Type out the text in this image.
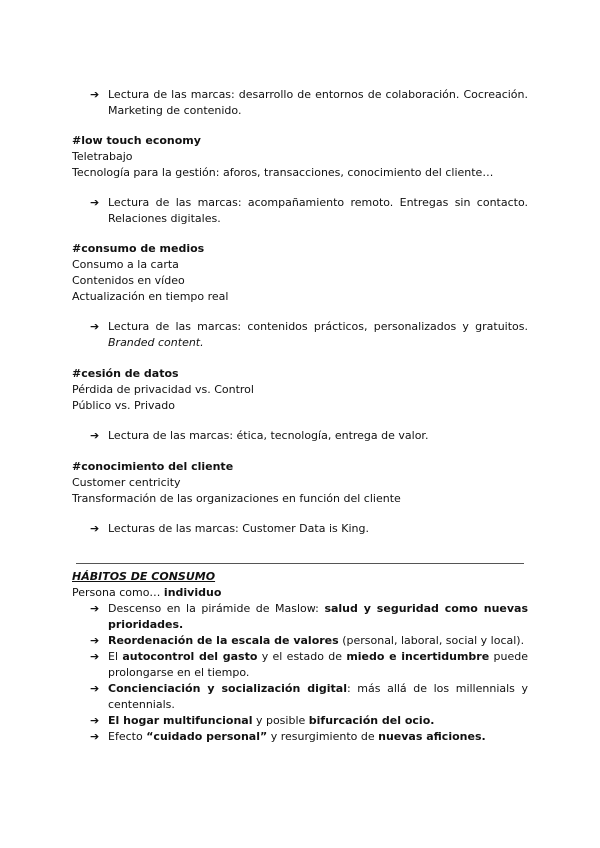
➔ Lectura de las marcas: desarrollo de entornos de colaboración. Cocreación. Marketing de contenido.
#low touch economy
Teletrabajo
Tecnología para la gestión: aforos, transacciones, conocimiento del cliente…
➔ Lectura de las marcas: acompañamiento remoto. Entregas sin contacto. Relaciones digitales.
#consumo de medios
Consumo a la carta
Contenidos en vídeo
Actualización en tiempo real
➔ Lectura de las marcas: contenidos prácticos, personalizados y gratuitos. Branded content.
#cesión de datos
Pérdida de privacidad vs. Control
Público vs. Privado
➔ Lectura de las marcas: ética, tecnología, entrega de valor.
#conocimiento del cliente
Customer centricity
Transformación de las organizaciones en función del cliente
➔ Lecturas de las marcas: Customer Data is King.
HÁBITOS DE CONSUMO
Persona como… individuo
➔ Descenso en la pirámide de Maslow: salud y seguridad como nuevas prioridades.
➔ Reordenación de la escala de valores (personal, laboral, social y local).
➔ El autocontrol del gasto y el estado de miedo e incertidumbre puede prolongarse en el tiempo.
➔ Concienciación y socialización digital: más allá de los millennials y centennials.
➔ El hogar multifuncional y posible bifurcación del ocio.
➔ Efecto “cuidado personal” y resurgimiento de nuevas aficiones.
